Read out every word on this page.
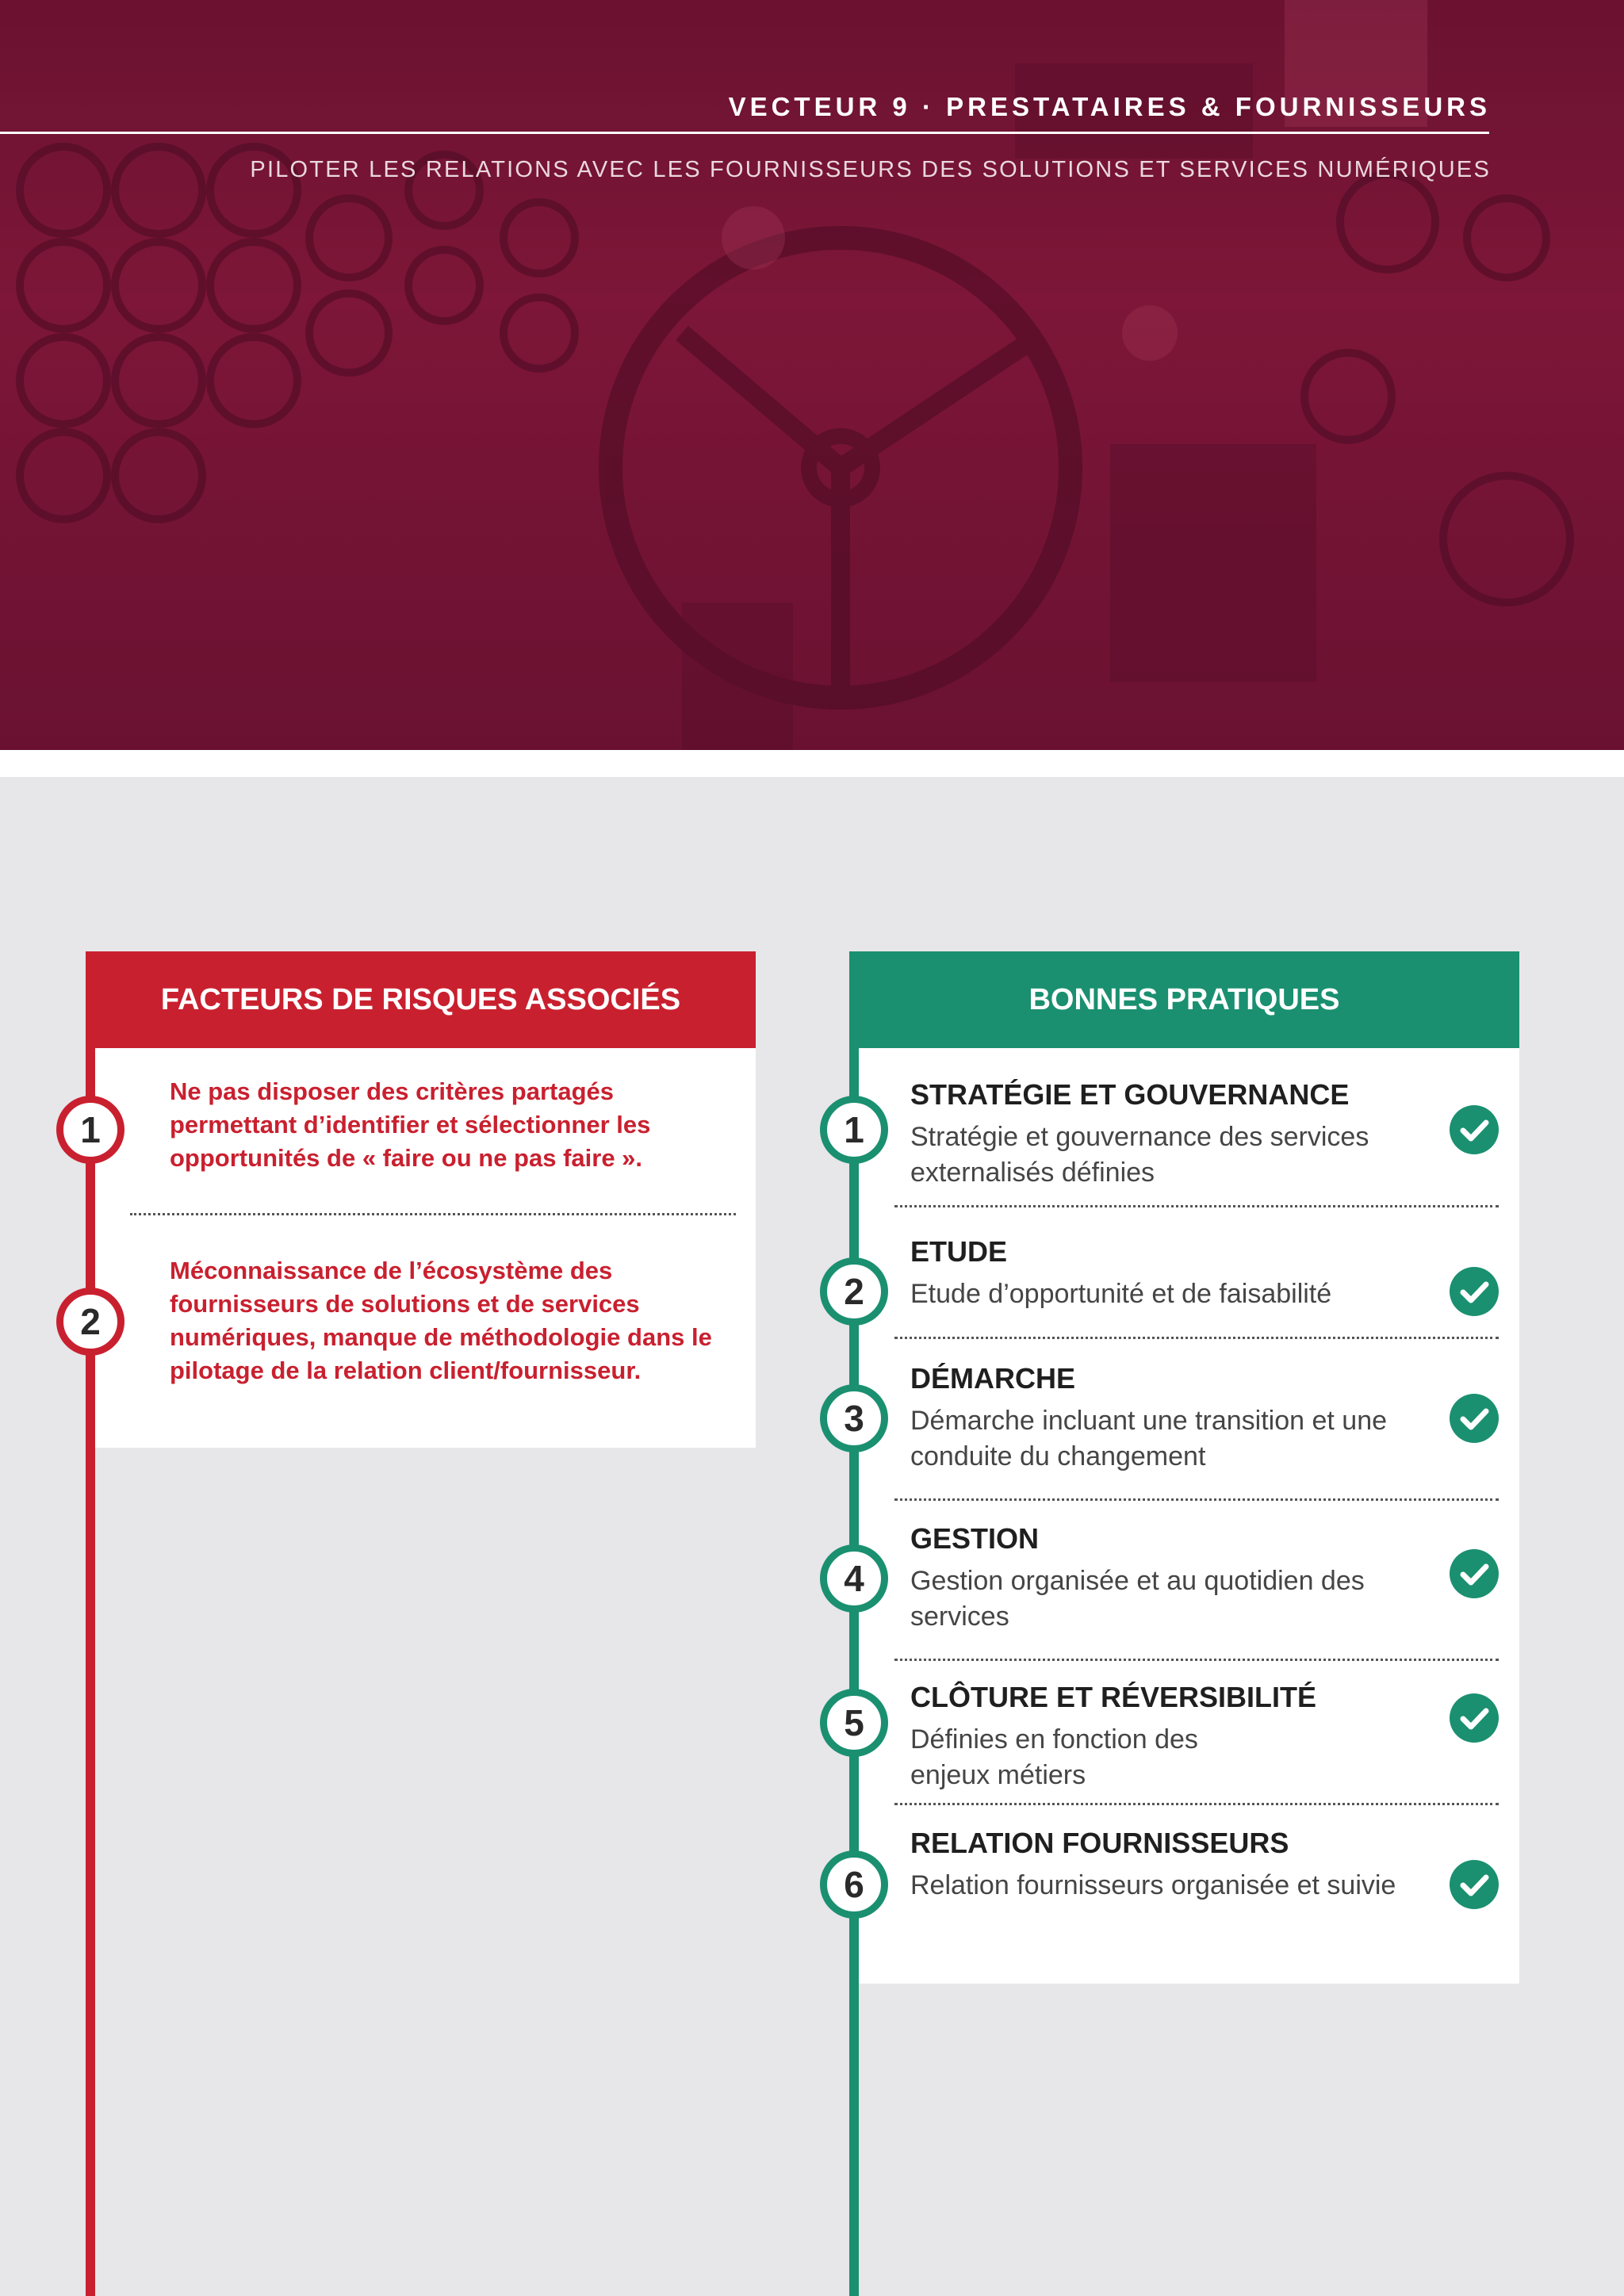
VECTEUR 9 · PRESTATAIRES & FOURNISSEURS
PILOTER LES RELATIONS AVEC LES FOURNISSEURS DES SOLUTIONS ET SERVICES NUMÉRIQUES
FACTEURS DE RISQUES ASSOCIÉS
1
Ne pas disposer des critères partagés permettant d’identifier et sélectionner les opportunités de « faire ou ne pas faire ».
2
Méconnaissance de l’écosystème des fournisseurs de solutions et de services numériques, manque de méthodologie dans le pilotage de la relation client/fournisseur.
BONNES PRATIQUES
1
STRATÉGIE ET GOUVERNANCE
Stratégie et gouvernance des services externalisés définies
2
ETUDE
Etude d’opportunité et de faisabilité
3
DÉMARCHE
Démarche incluant une transition et une conduite du changement
4
GESTION
Gestion organisée et au quotidien des services
5
CLÔTURE ET RÉVERSIBILITÉ
Définies en fonction des enjeux métiers
6
RELATION FOURNISSEURS
Relation fournisseurs organisée et suivie
